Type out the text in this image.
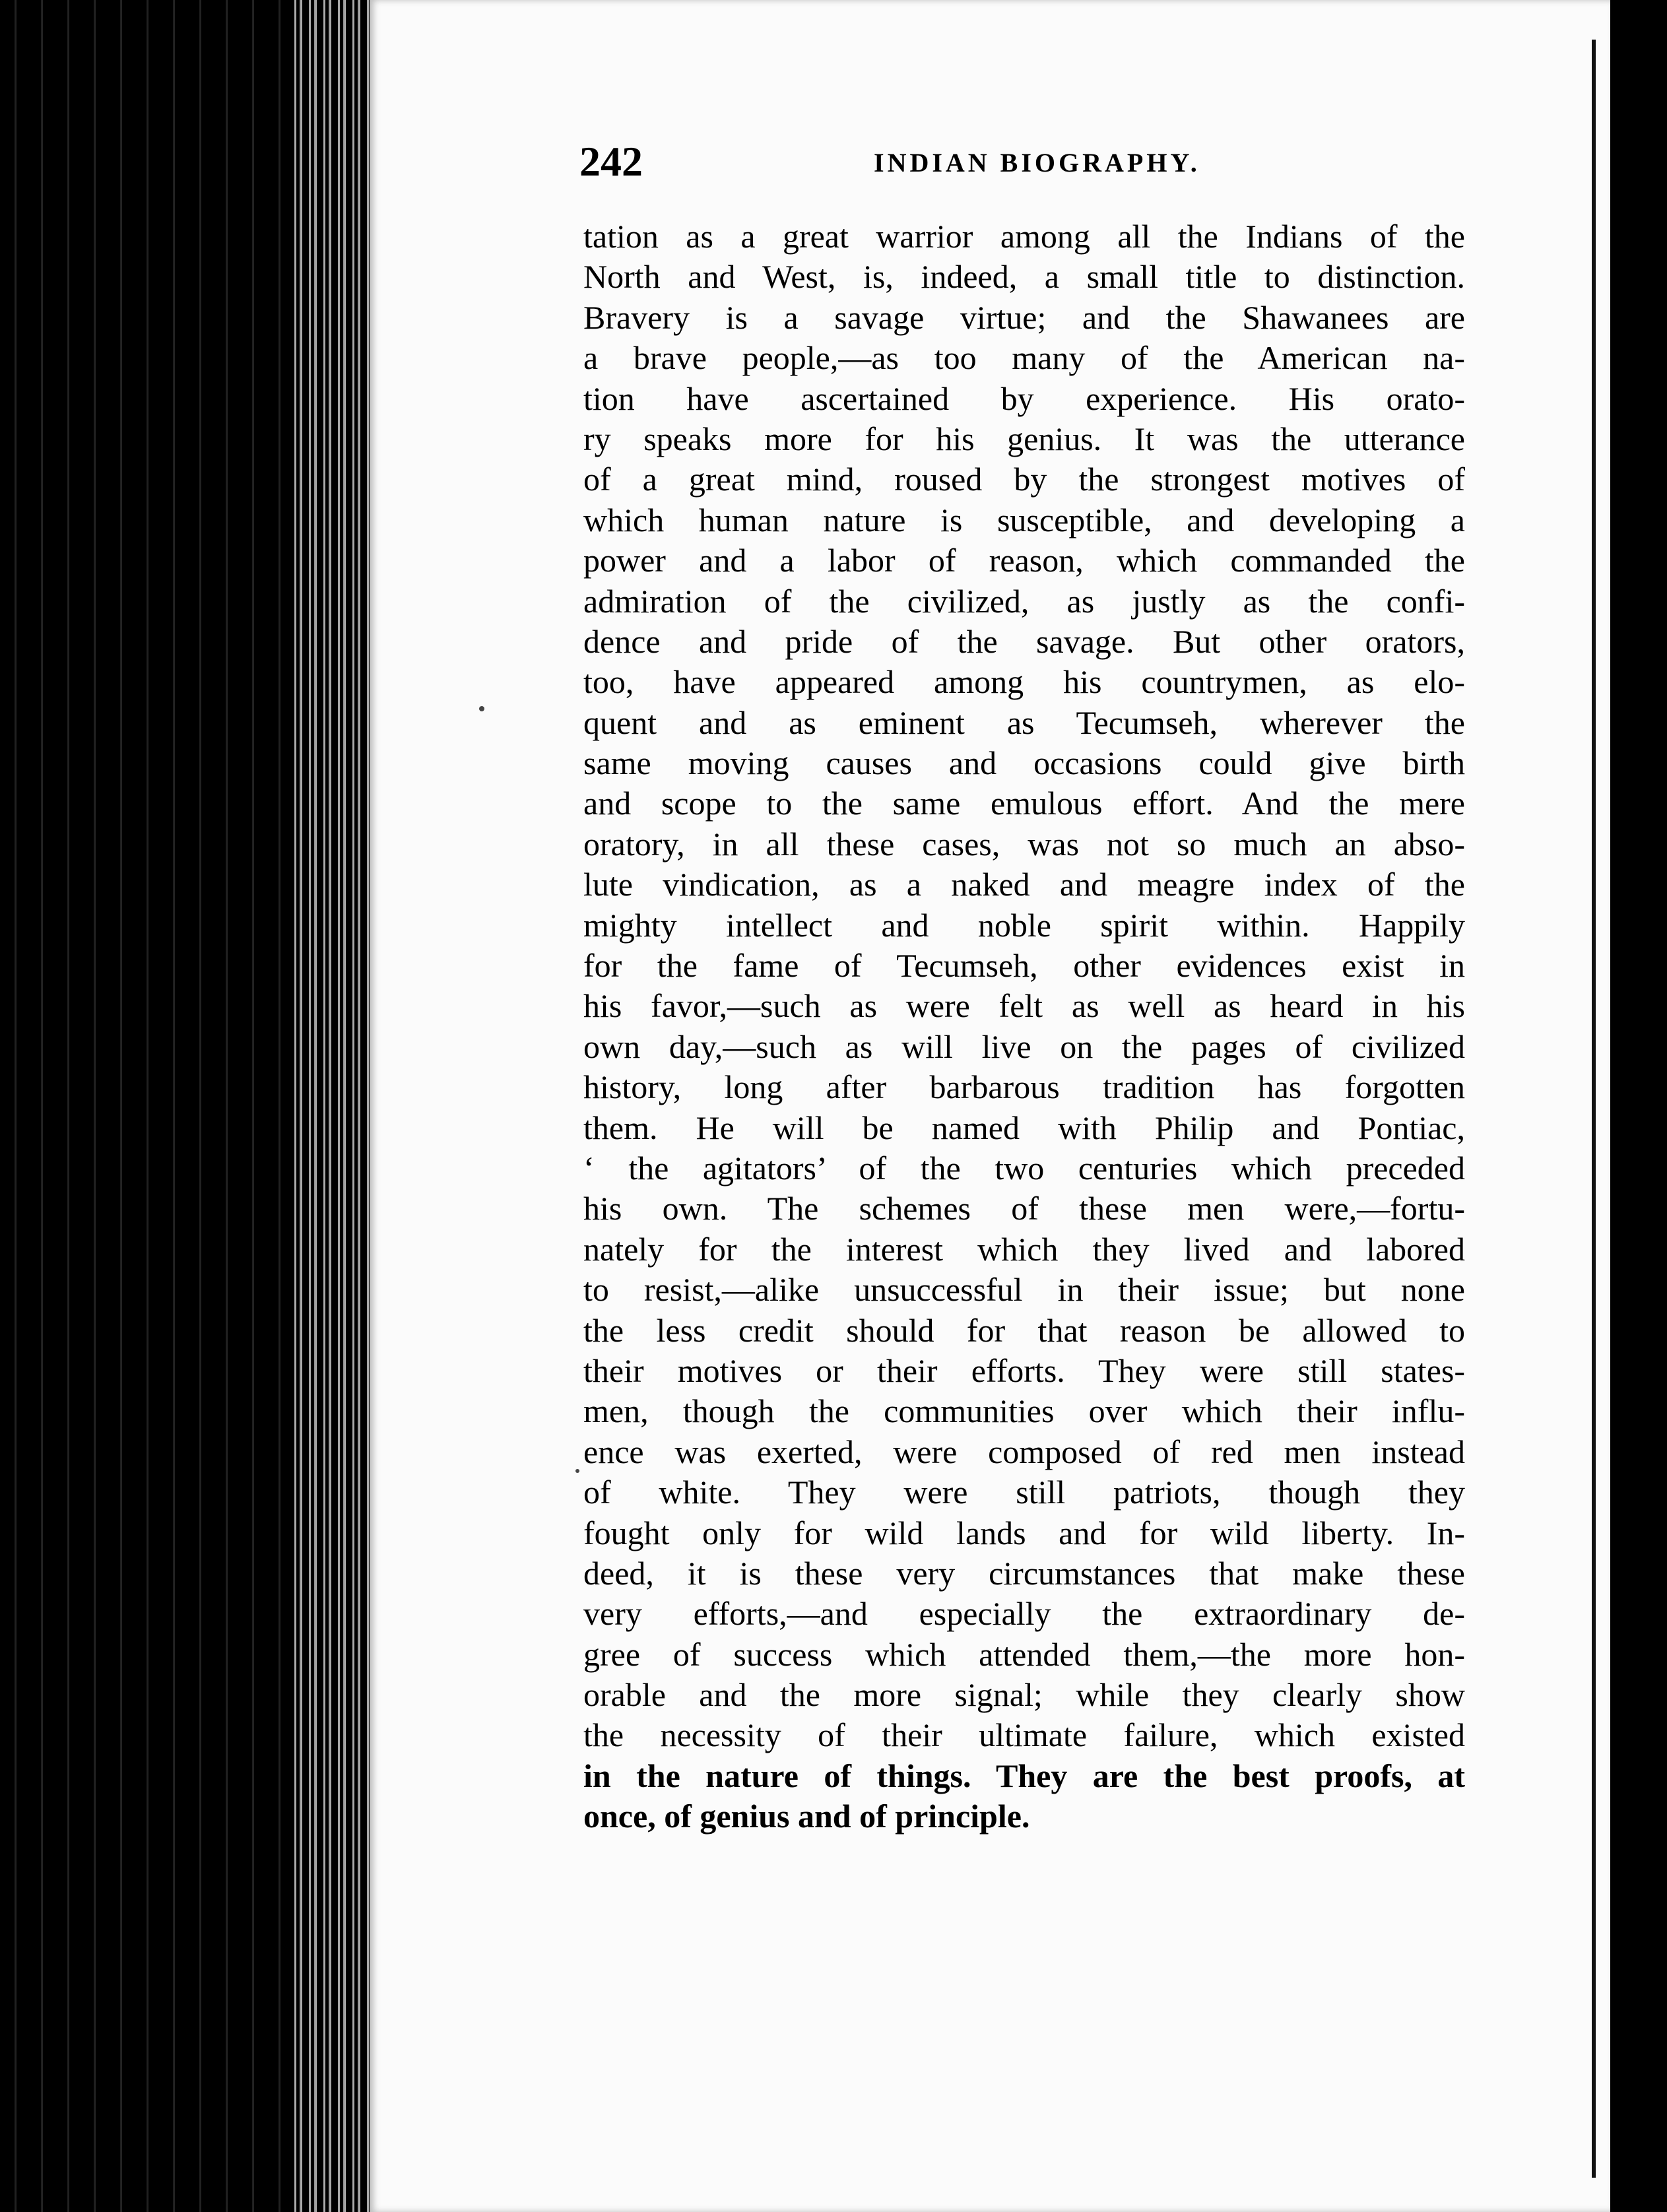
242	INDIAN BIOGRAPHY.
tation as a great warrior among all the Indians of the
North and West, is, indeed, a small title to distinction.
Bravery is a savage virtue; and the Shawanees are
a brave people,—as too many of the American na-
tion have ascertained by experience. His orato-
ry speaks more for his genius. It was the utterance
of a great mind, roused by the strongest motives of
which human nature is susceptible, and developing a
power and a labor of reason, which commanded the
admiration of the civilized, as justly as the confi-
dence and pride of the savage. But other orators,
too, have appeared among his countrymen, as elo-
quent and as eminent as Tecumseh, wherever the
same moving causes and occasions could give birth
and scope to the same emulous effort. And the mere
oratory, in all these cases, was not so much an abso-
lute vindication, as a naked and meagre index of the
mighty intellect and noble spirit within. Happily
for the fame of Tecumseh, other evidences exist in
his favor,—such as were felt as well as heard in his
own day,—such as will live on the pages of civilized
history, long after barbarous tradition has forgotten
them. He will be named with Philip and Pontiac,
‘ the agitators’ of the two centuries which preceded
his own. The schemes of these men were,—fortu-
nately for the interest which they lived and labored
to resist,—alike unsuccessful in their issue; but none
the less credit should for that reason be allowed to
their motives or their efforts. They were still states-
men, though the communities over which their influ-
ence was exerted, were composed of red men instead
of white. They were still patriots, though they
fought only for wild lands and for wild liberty. In-
deed, it is these very circumstances that make these
very efforts,—and especially the extraordinary de-
gree of success which attended them,—the more hon-
orable and the more signal; while they clearly show
the necessity of their ultimate failure, which existed
in the nature of things. They are the best proofs, at
once, of genius and of principle.
